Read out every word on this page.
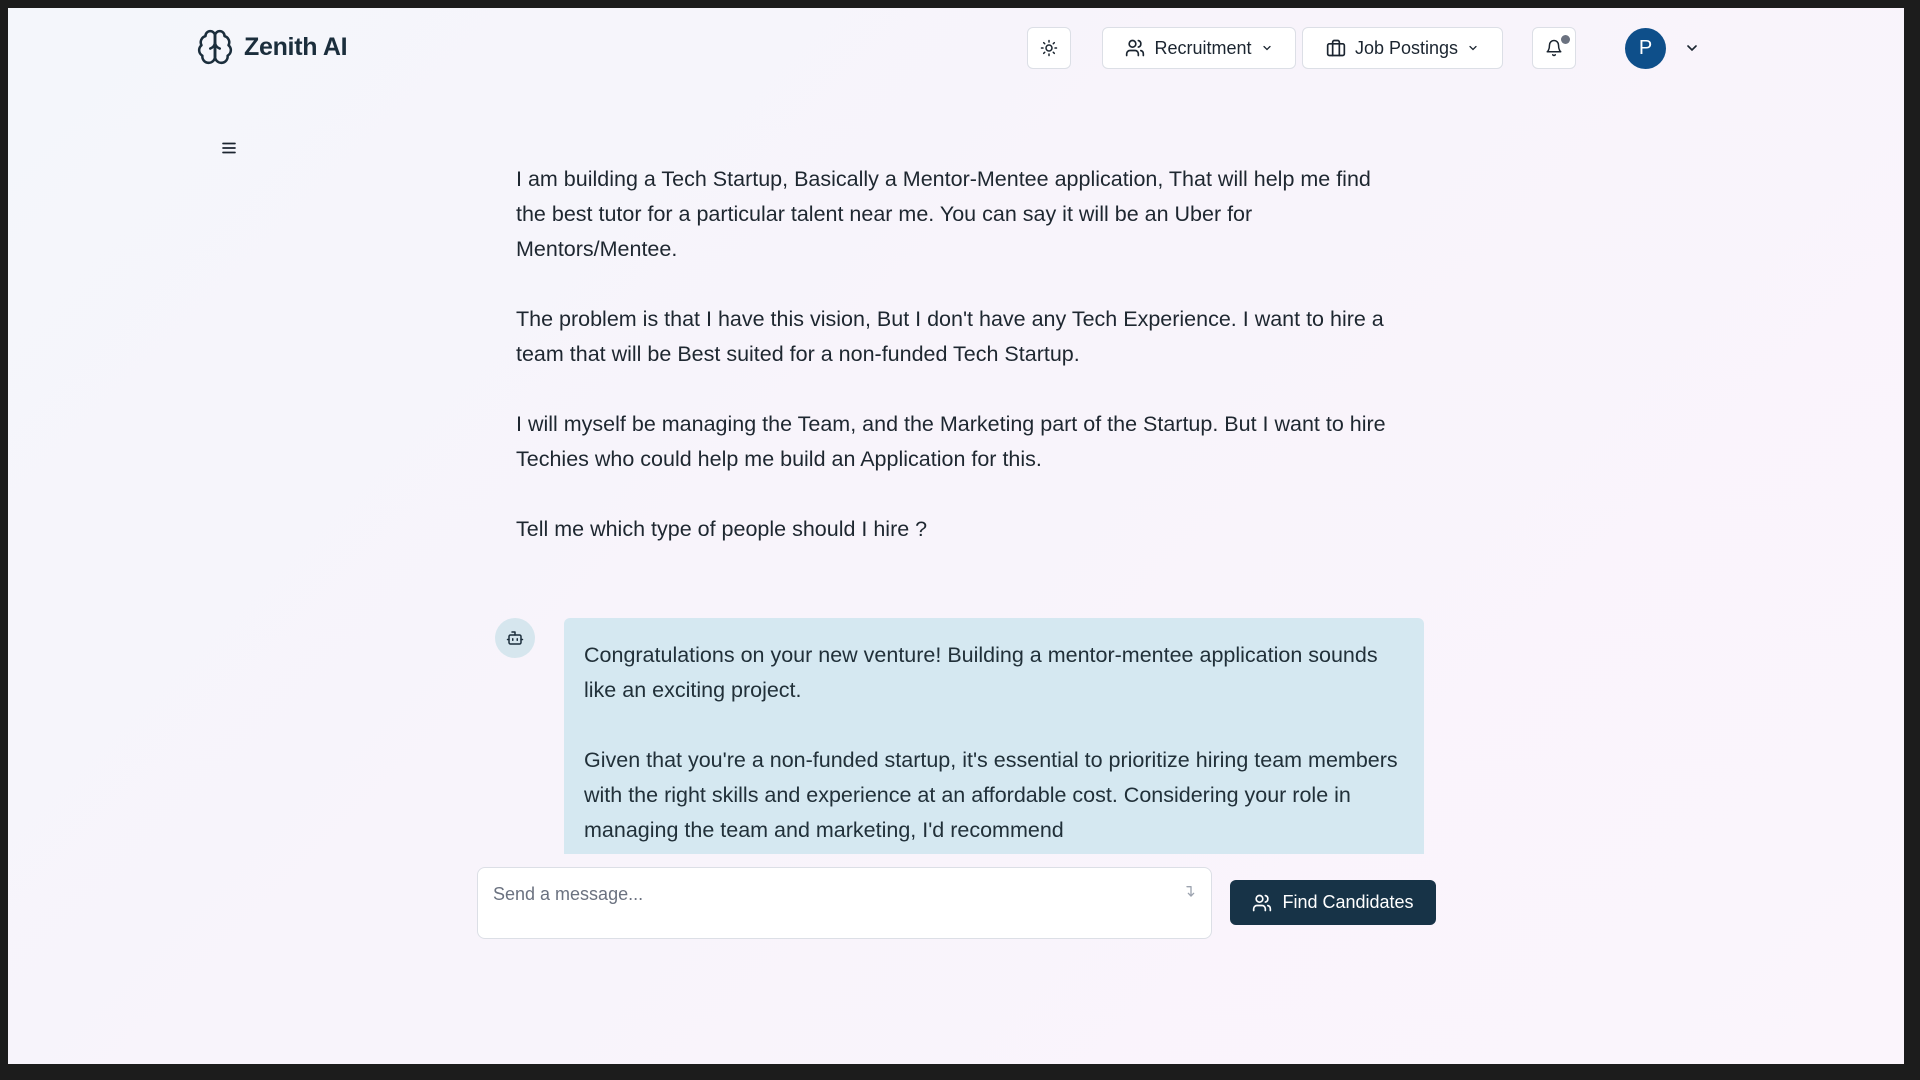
Zenith AI	Recruitment	Job Postings	P

I am building a Tech Startup, Basically a Mentor-Mentee application, That will help me find the best tutor for a particular talent near me. You can say it will be an Uber for Mentors/Mentee.

The problem is that I have this vision, But I don't have any Tech Experience. I want to hire a team that will be Best suited for a non-funded Tech Startup.

I will myself be managing the Team, and the Marketing part of the Startup. But I want to hire Techies who could help me build an Application for this.

Tell me which type of people should I hire ?

Congratulations on your new venture! Building a mentor-mentee application sounds like an exciting project.

Given that you're a non-funded startup, it's essential to prioritize hiring team members with the right skills and experience at an affordable cost. Considering your role in managing the team and marketing, I'd recommend

Send a message...
Find Candidates
